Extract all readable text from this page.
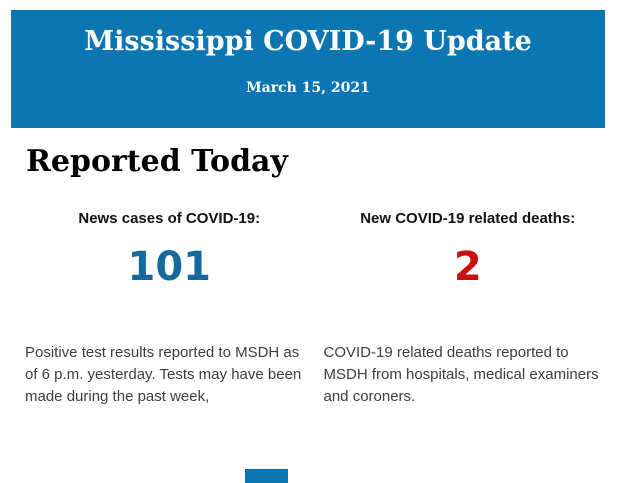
Mississippi COVID-19 Update
March 15, 2021
Reported Today
News cases of COVID-19:
101

Positive test results reported to MSDH as of 6 p.m. yesterday. Tests may have been made during the past week,

New COVID-19 related deaths:
2

COVID-19 related deaths reported to MSDH from hospitals, medical examiners and coroners.
